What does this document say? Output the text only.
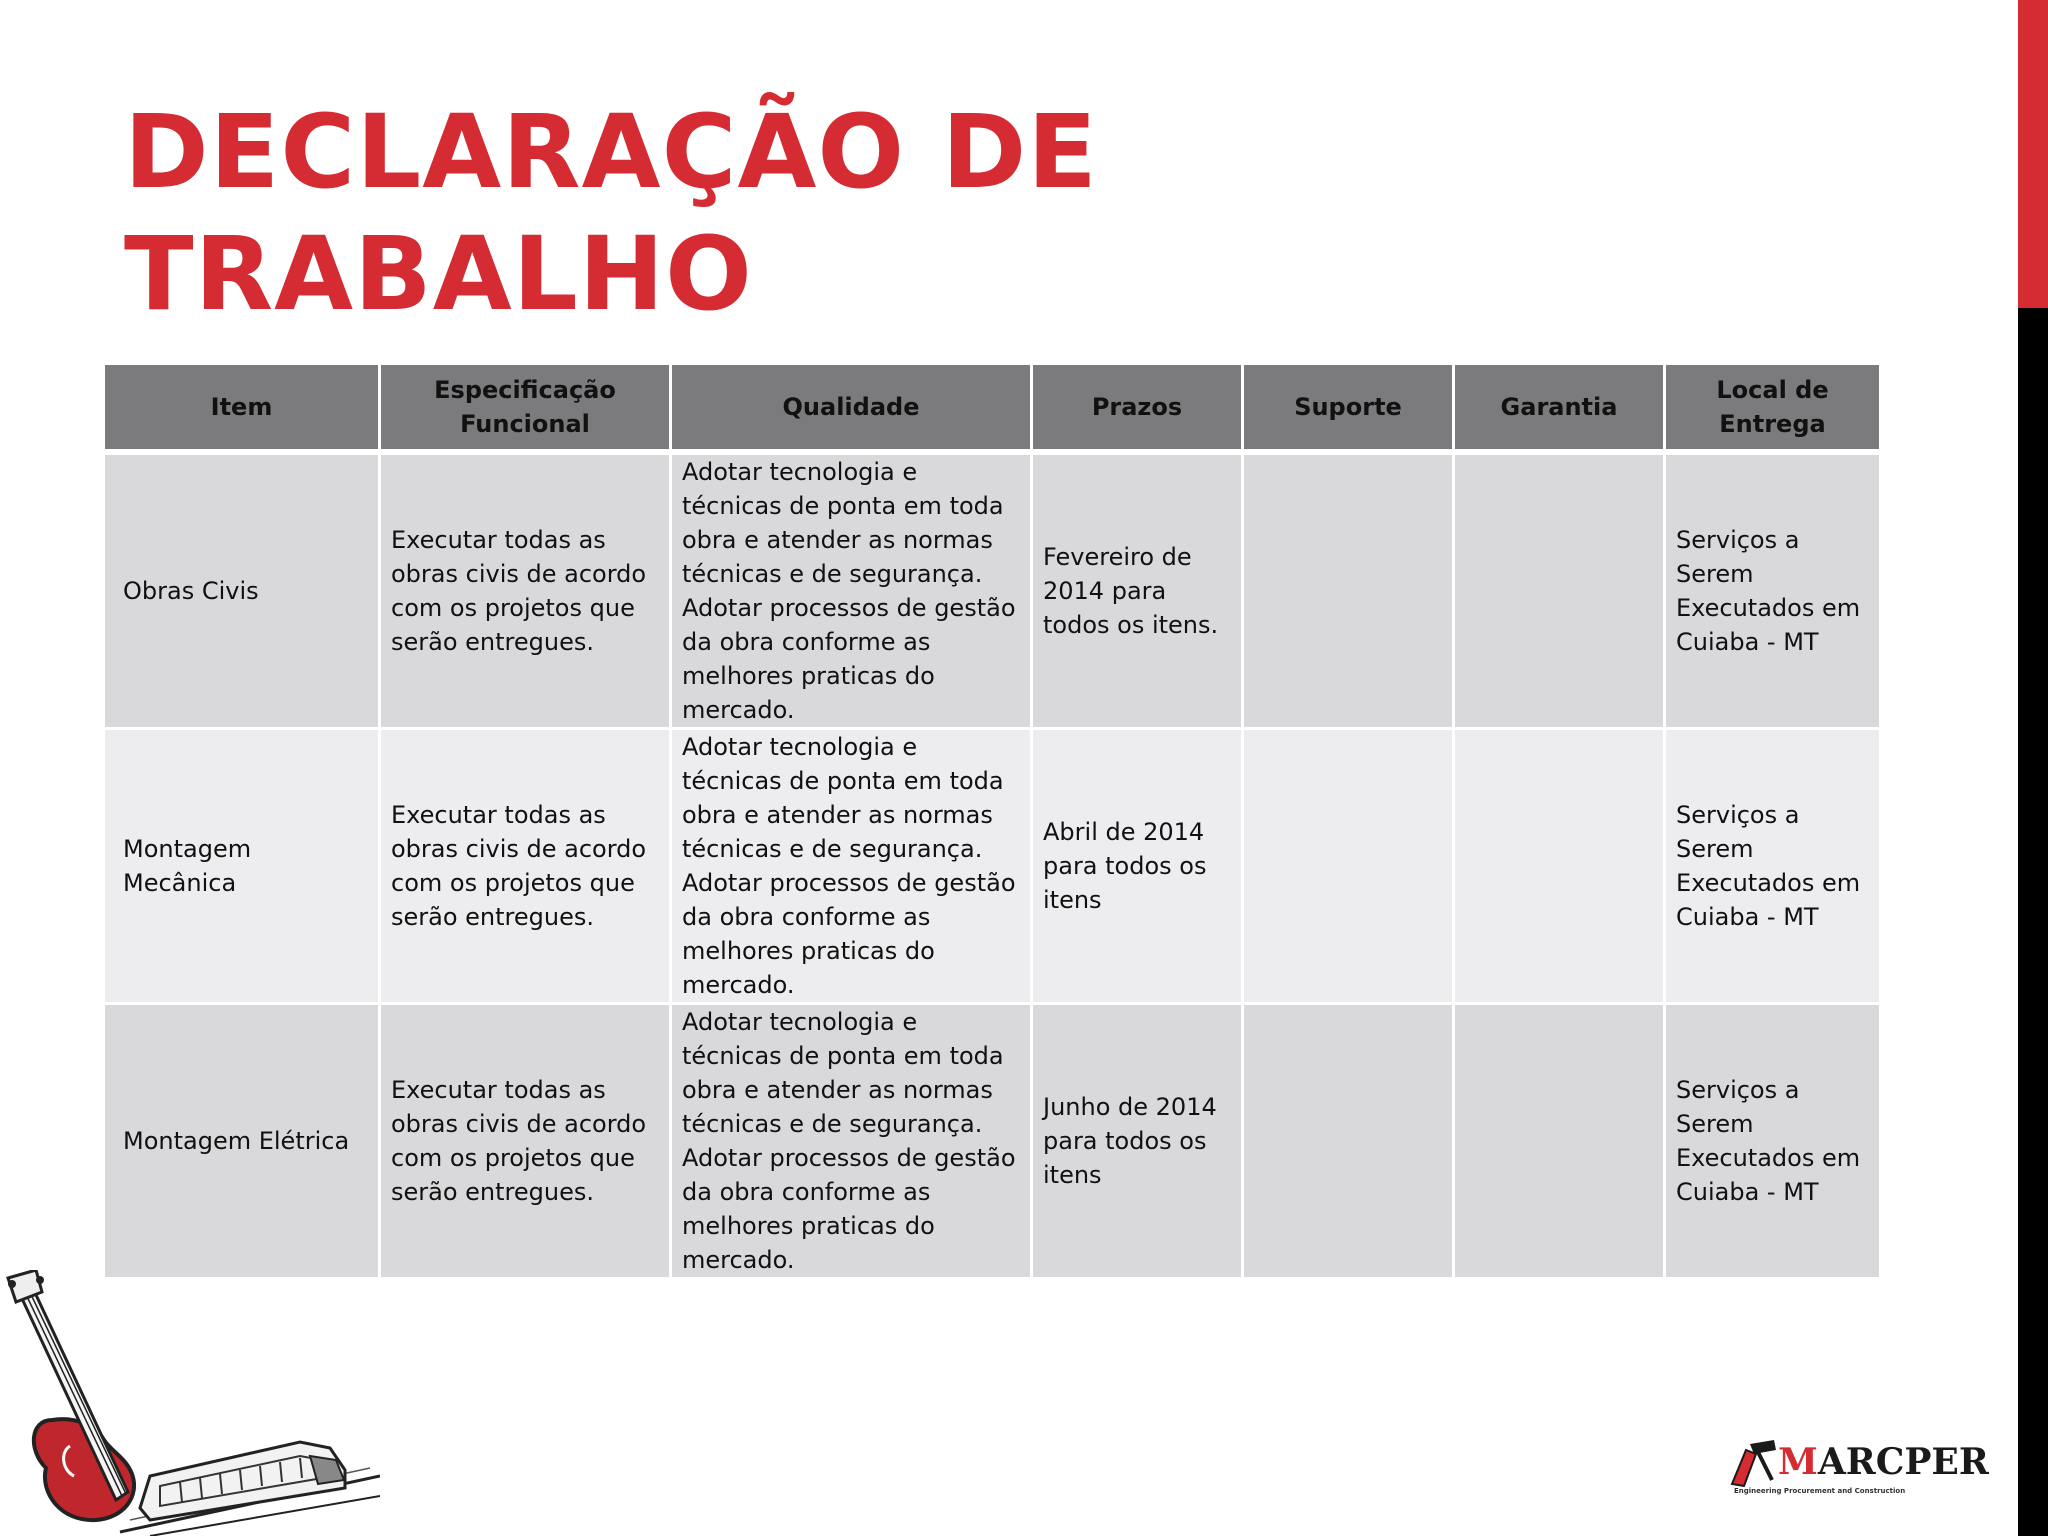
DECLARAÇÃO DE TRABALHO
Item	Especificação Funcional	Qualidade	Prazos	Suporte	Garantia	Local de Entrega
Obras Civis	Executar todas as obras civis de acordo com os projetos que serão entregues.	Adotar tecnologia e técnicas de ponta em toda obra e atender as normas técnicas e de segurança. Adotar processos de gestão da obra conforme as melhores praticas do mercado.	Fevereiro de 2014 para todos os itens.			Serviços a Serem Executados em Cuiaba - MT
Montagem Mecânica	Executar todas as obras civis de acordo com os projetos que serão entregues.	Adotar tecnologia e técnicas de ponta em toda obra e atender as normas técnicas e de segurança. Adotar processos de gestão da obra conforme as melhores praticas do mercado.	Abril de 2014 para todos os itens			Serviços a Serem Executados em Cuiaba - MT
Montagem Elétrica	Executar todas as obras civis de acordo com os projetos que serão entregues.	Adotar tecnologia e técnicas de ponta em toda obra e atender as normas técnicas e de segurança. Adotar processos de gestão da obra conforme as melhores praticas do mercado.	Junho de 2014 para todos os itens			Serviços a Serem Executados em Cuiaba - MT
MARCPER
Engineering Procurement and Construction
